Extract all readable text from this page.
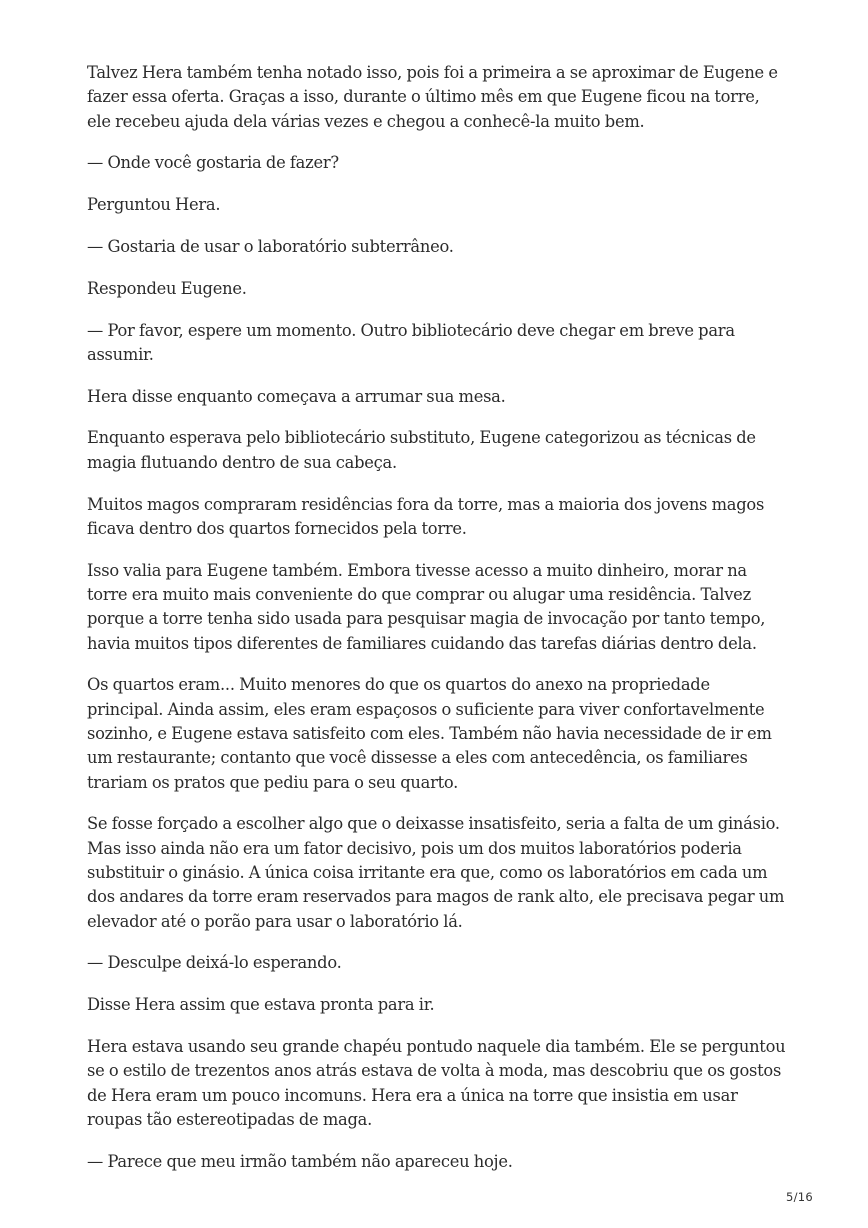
Talvez Hera também tenha notado isso, pois foi a primeira a se aproximar de Eugene e fazer essa oferta. Graças a isso, durante o último mês em que Eugene ficou na torre, ele recebeu ajuda dela várias vezes e chegou a conhecê-la muito bem.

— Onde você gostaria de fazer?

Perguntou Hera.

— Gostaria de usar o laboratório subterrâneo.

Respondeu Eugene.

— Por favor, espere um momento. Outro bibliotecário deve chegar em breve para assumir.

Hera disse enquanto começava a arrumar sua mesa.

Enquanto esperava pelo bibliotecário substituto, Eugene categorizou as técnicas de magia flutuando dentro de sua cabeça.

Muitos magos compraram residências fora da torre, mas a maioria dos jovens magos ficava dentro dos quartos fornecidos pela torre.

Isso valia para Eugene também. Embora tivesse acesso a muito dinheiro, morar na torre era muito mais conveniente do que comprar ou alugar uma residência. Talvez porque a torre tenha sido usada para pesquisar magia de invocação por tanto tempo, havia muitos tipos diferentes de familiares cuidando das tarefas diárias dentro dela.

Os quartos eram... Muito menores do que os quartos do anexo na propriedade principal. Ainda assim, eles eram espaçosos o suficiente para viver confortavelmente sozinho, e Eugene estava satisfeito com eles. Também não havia necessidade de ir em um restaurante; contanto que você dissesse a eles com antecedência, os familiares trariam os pratos que pediu para o seu quarto.

Se fosse forçado a escolher algo que o deixasse insatisfeito, seria a falta de um ginásio. Mas isso ainda não era um fator decisivo, pois um dos muitos laboratórios poderia substituir o ginásio. A única coisa irritante era que, como os laboratórios em cada um dos andares da torre eram reservados para magos de rank alto, ele precisava pegar um elevador até o porão para usar o laboratório lá.

— Desculpe deixá-lo esperando.

Disse Hera assim que estava pronta para ir.

Hera estava usando seu grande chapéu pontudo naquele dia também. Ele se perguntou se o estilo de trezentos anos atrás estava de volta à moda, mas descobriu que os gostos de Hera eram um pouco incomuns. Hera era a única na torre que insistia em usar roupas tão estereotipadas de maga.

— Parece que meu irmão também não apareceu hoje.

5/16
